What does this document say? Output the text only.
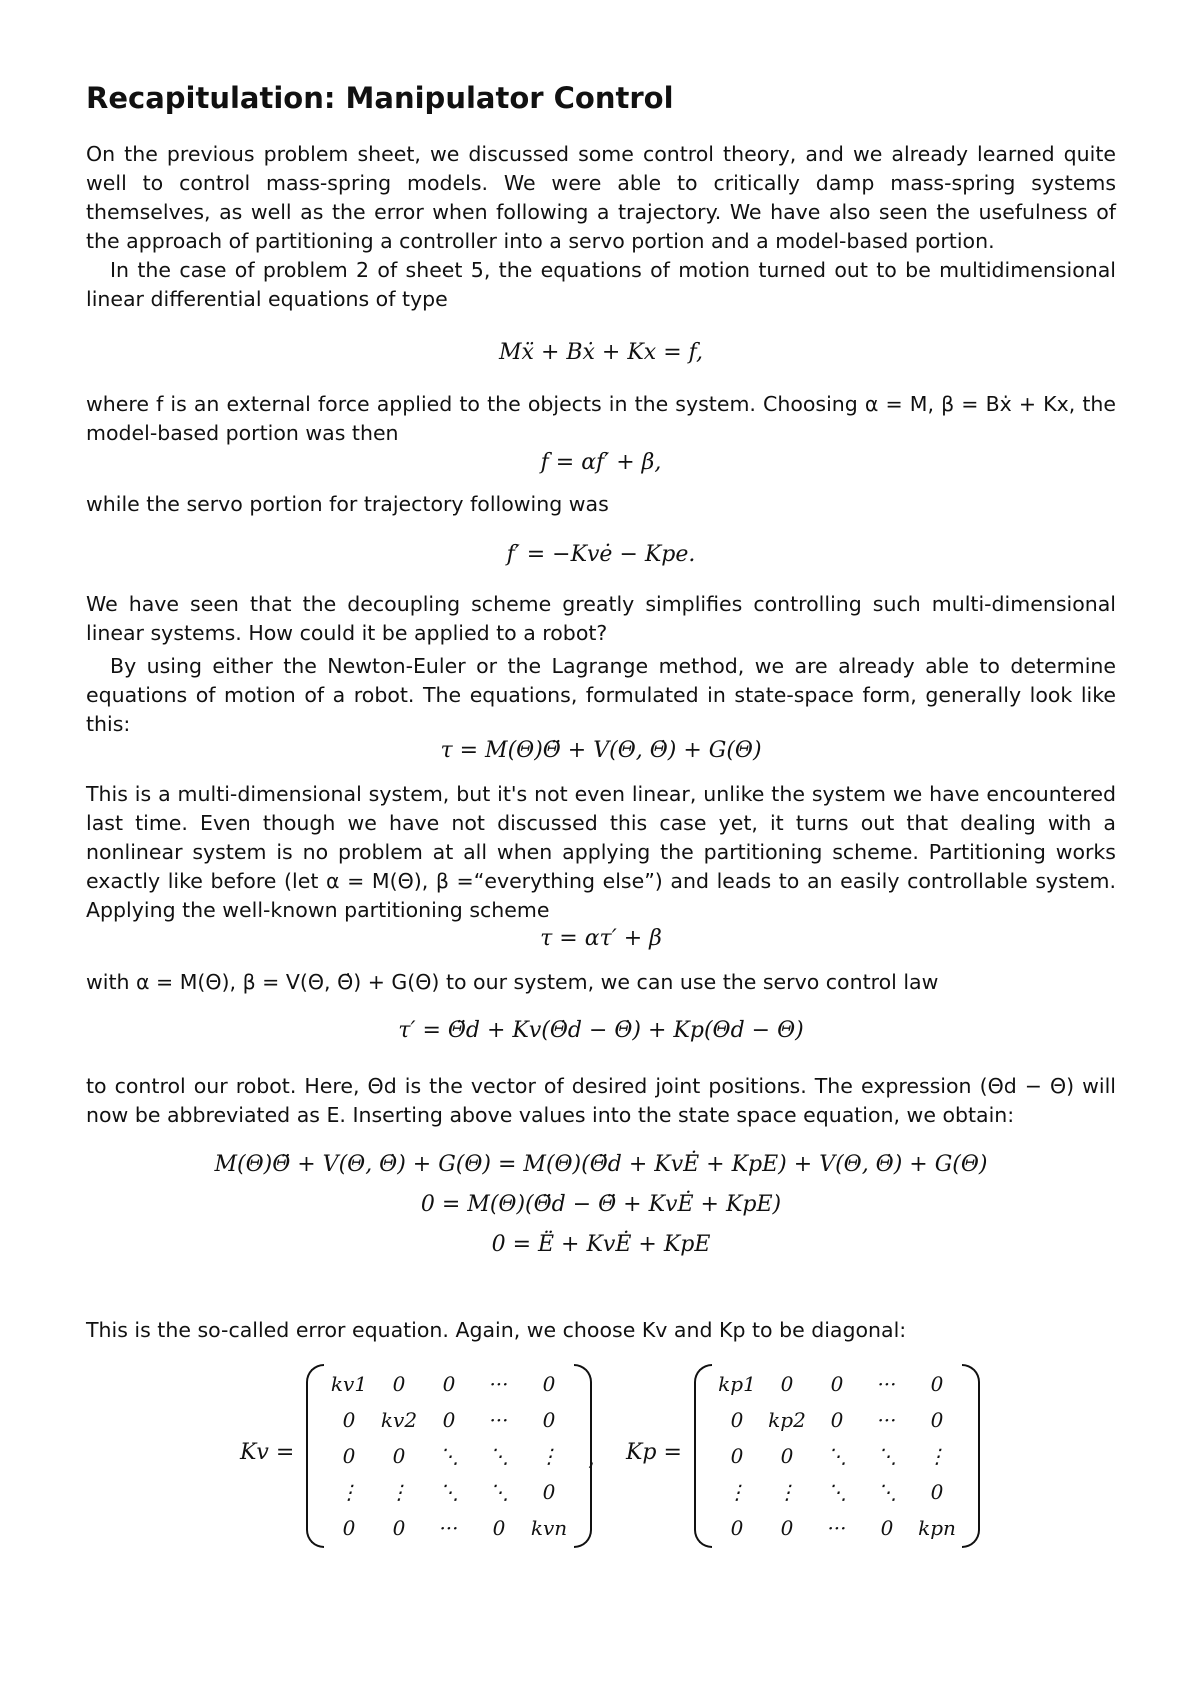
Recapitulation: Manipulator Control

On the previous problem sheet, we discussed some control theory, and we already learned quite well to control mass-spring models. We were able to critically damp mass-spring systems themselves, as well as the error when following a trajectory. We have also seen the usefulness of the approach of partitioning a controller into a servo portion and a model-based portion.

In the case of problem 2 of sheet 5, the equations of motion turned out to be multidimensional linear differential equations of type

Mẍ + Bẋ + Kx = f,

where f is an external force applied to the objects in the system. Choosing α = M, β = Bẋ + Kx, the model-based portion was then

f = αf′ + β,

while the servo portion for trajectory following was

f′ = −Kvė − Kpe.

We have seen that the decoupling scheme greatly simplifies controlling such multi-dimensional linear systems. How could it be applied to a robot?

By using either the Newton-Euler or the Lagrange method, we are already able to determine equations of motion of a robot. The equations, formulated in state-space form, generally look like this:

τ = M(Θ)Θ̈ + V(Θ, Θ̇) + G(Θ)

This is a multi-dimensional system, but it's not even linear, unlike the system we have encountered last time. Even though we have not discussed this case yet, it turns out that dealing with a nonlinear system is no problem at all when applying the partitioning scheme. Partitioning works exactly like before (let α = M(Θ), β =“everything else”) and leads to an easily controllable system. Applying the well-known partitioning scheme

τ = ατ′ + β

with α = M(Θ), β = V(Θ, Θ̇) + G(Θ) to our system, we can use the servo control law

τ′ = Θ̈d + Kv(Θ̇d − Θ̇) + Kp(Θd − Θ)

to control our robot. Here, Θd is the vector of desired joint positions. The expression (Θd − Θ) will now be abbreviated as E. Inserting above values into the state space equation, we obtain:

M(Θ)Θ̈ + V(Θ, Θ̇) + G(Θ) = M(Θ)(Θ̈d + KvĖ + KpE) + V(Θ, Θ̇) + G(Θ)
0 = M(Θ)(Θ̈d − Θ̈ + KvĖ + KpE)
0 = Ë + KvĖ + KpE

This is the so-called error equation. Again, we choose Kv and Kp to be diagonal:

Kv =
kv1	0	0	···	0
0	kv2	0	···	0
0	0	⋱	⋱	⋮
⋮	⋮	⋱	⋱	0
0	0	···	0	kvn
, Kp =
kp1	0	0	···	0
0	kp2	0	···	0
0	0	⋱	⋱	⋮
⋮	⋮	⋱	⋱	0
0	0	···	0	kpn
